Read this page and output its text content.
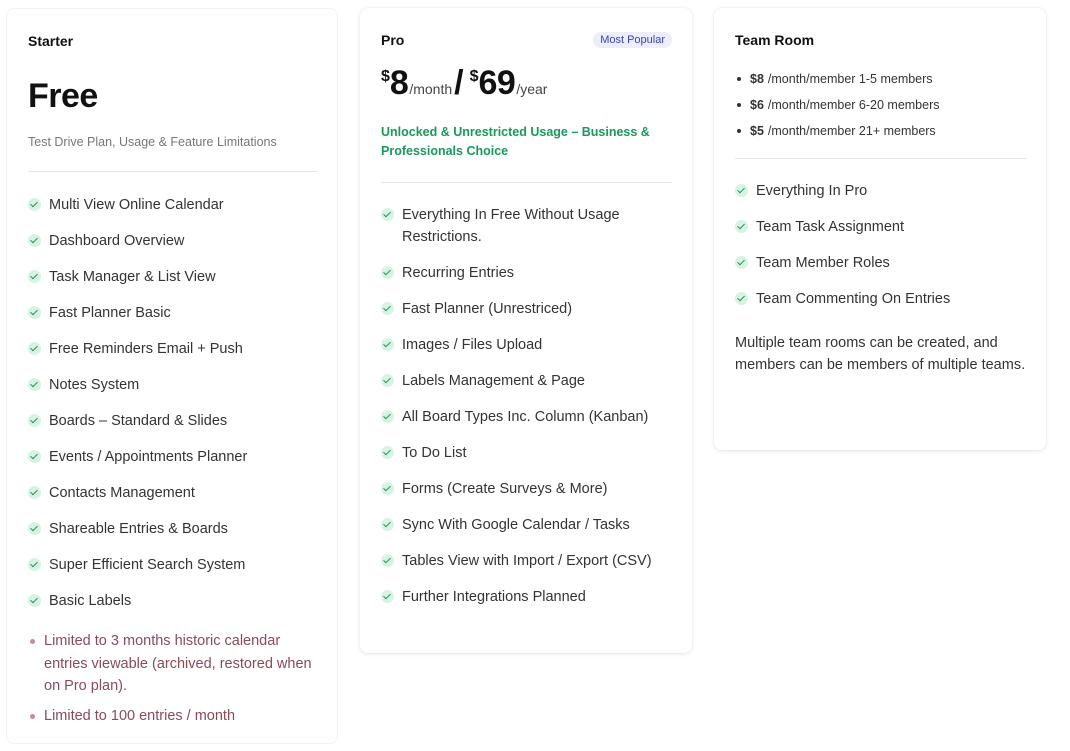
Starter
Free
Test Drive Plan, Usage & Feature Limitations
Multi View Online Calendar
Dashboard Overview
Task Manager & List View
Fast Planner Basic
Free Reminders Email + Push
Notes System
Boards – Standard & Slides
Events / Appointments Planner
Contacts Management
Shareable Entries & Boards
Super Efficient Search System
Basic Labels
Limited to 3 months historic calendar entries viewable (archived, restored when on Pro plan).
Limited to 100 entries / month
Pro	Most Popular
$ 8 /month / $ 69 /year
Unlocked & Unrestricted Usage – Business & Professionals Choice
Everything In Free Without Usage Restrictions.
Recurring Entries
Fast Planner (Unrestriced)
Images / Files Upload
Labels Management & Page
All Board Types Inc. Column (Kanban)
To Do List
Forms (Create Surveys & More)
Sync With Google Calendar / Tasks
Tables View with Import / Export (CSV)
Further Integrations Planned
Team Room
$8 /month/member 1-5 members
$6 /month/member 6-20 members
$5 /month/member 21+ members
Everything In Pro
Team Task Assignment
Team Member Roles
Team Commenting On Entries
Multiple team rooms can be created, and members can be members of multiple teams.
